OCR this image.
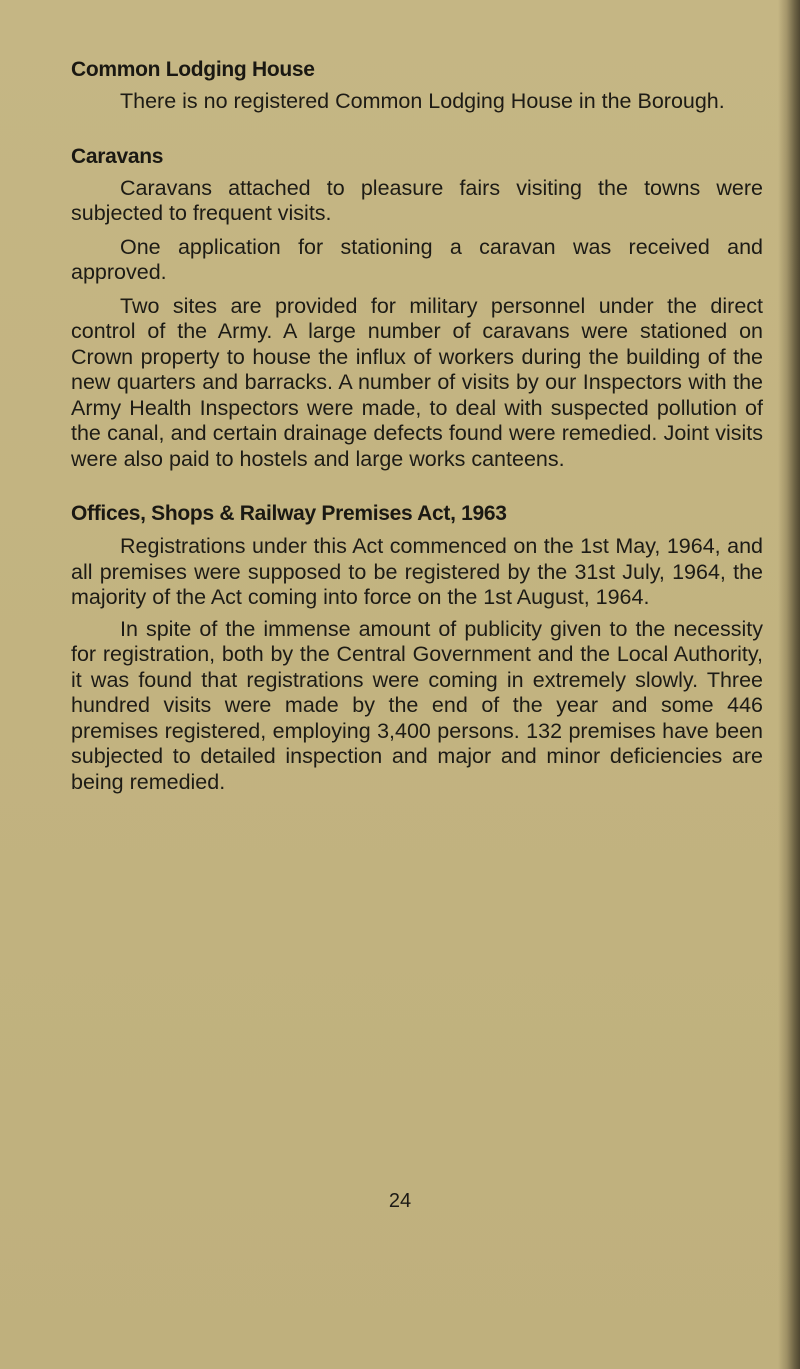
Common Lodging House

There is no registered Common Lodging House in the Borough.

Caravans

Caravans attached to pleasure fairs visiting the towns were subjected to frequent visits.

One application for stationing a caravan was received and approved.

Two sites are provided for military personnel under the direct control of the Army. A large number of caravans were stationed on Crown property to house the influx of workers during the building of the new quarters and barracks. A number of visits by our Inspectors with the Army Health Inspectors were made, to deal with suspected pollution of the canal, and certain drainage defects found were remedied. Joint visits were also paid to hostels and large works canteens.

Offices, Shops & Railway Premises Act, 1963

Registrations under this Act commenced on the 1st May, 1964, and all premises were supposed to be registered by the 31st July, 1964, the majority of the Act coming into force on the 1st August, 1964.

In spite of the immense amount of publicity given to the necessity for registration, both by the Central Government and the Local Authority, it was found that registrations were coming in extremely slowly. Three hundred visits were made by the end of the year and some 446 premises registered, employing 3,400 persons. 132 premises have been subjected to detailed inspection and major and minor deficiencies are being remedied.

24
